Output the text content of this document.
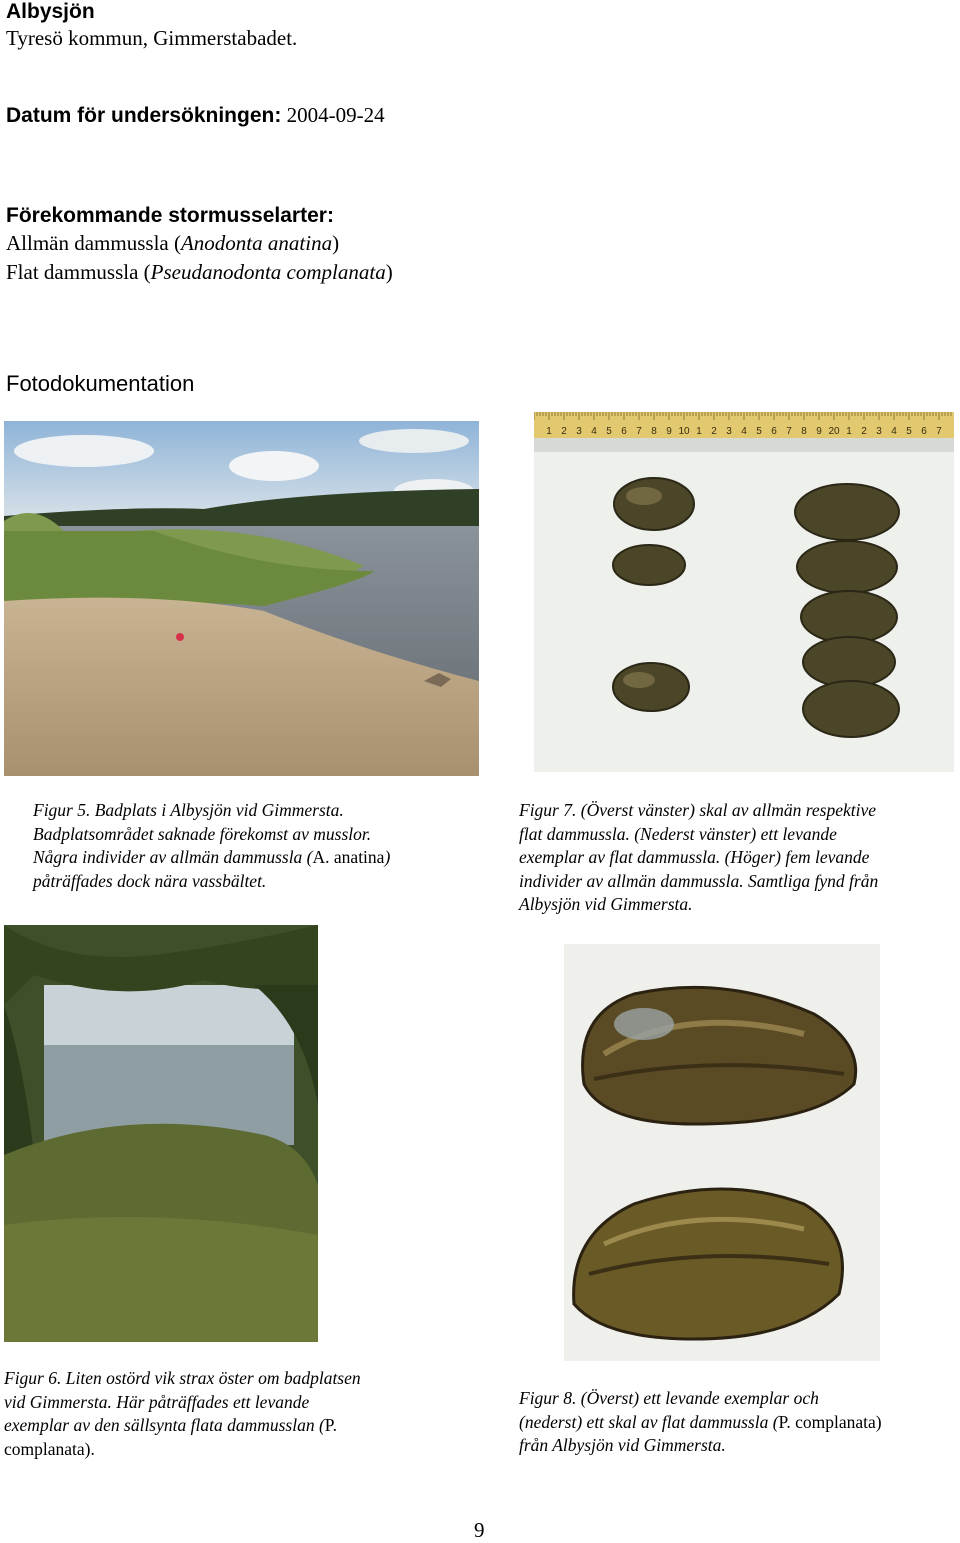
Albysjön
Tyresö kommun, Gimmerstabadet.
Datum för undersökningen: 2004-09-24
Förekommande stormusselarter:
Allmän dammussla (Anodonta anatina)
Flat dammussla (Pseudanodonta complanata)
Fotodokumentation
1 2 3 4 5 6 7 8 9 10 1 2 3 4 5 6 7 8 9 20 1 2 3 4 5 6 7
Figur 5. Badplats i Albysjön vid Gimmersta.
Badplatsområdet saknade förekomst av musslor.
Några individer av allmän dammussla (A. anatina)
påträffades dock nära vassbältet.
Figur 7. (Överst vänster) skal av allmän respektive
flat dammussla. (Nederst vänster) ett levande
exemplar av flat dammussla. (Höger) fem levande
individer av allmän dammussla. Samtliga fynd från
Albysjön vid Gimmersta.
Figur 6. Liten ostörd vik strax öster om badplatsen
vid Gimmersta. Här påträffades ett levande
exemplar av den sällsynta flata dammusslan (P.
complanata).
Figur 8. (Överst) ett levande exemplar och
(nederst) ett skal av flat dammussla (P. complanata)
från Albysjön vid Gimmersta.
9
